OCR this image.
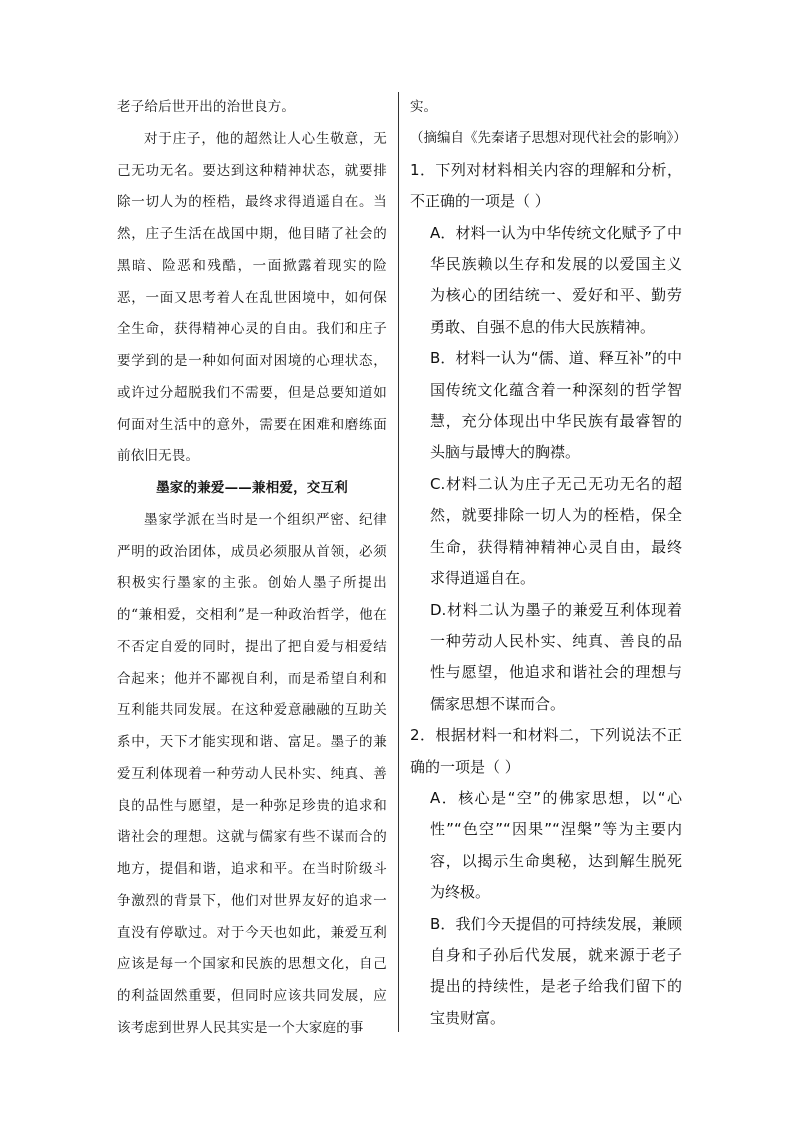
老子给后世开出的治世良方。

对于庄子，他的超然让人心生敬意，无己无功无名。要达到这种精神状态，就要排除一切人为的桎梏，最终求得逍遥自在。当然，庄子生活在战国中期，他目睹了社会的黑暗、险恶和残酷，一面掀露着现实的险恶，一面又思考着人在乱世困境中，如何保全生命，获得精神心灵的自由。我们和庄子要学到的是一种如何面对困境的心理状态，或许过分超脱我们不需要，但是总要知道如何面对生活中的意外，需要在困难和磨练面前依旧无畏。

墨家的兼爱——兼相爱，交互利

墨家学派在当时是一个组织严密、纪律严明的政治团体，成员必须服从首领，必须积极实行墨家的主张。创始人墨子所提出的“兼相爱，交相利”是一种政治哲学，他在不否定自爱的同时，提出了把自爱与相爱结合起来；他并不鄙视自利，而是希望自利和互利能共同发展。在这种爱意融融的互助关系中，天下才能实现和谐、富足。墨子的兼爱互利体现着一种劳动人民朴实、纯真、善良的品性与愿望，是一种弥足珍贵的追求和谐社会的理想。这就与儒家有些不谋而合的地方，提倡和谐，追求和平。在当时阶级斗争激烈的背景下，他们对世界友好的追求一直没有停歇过。对于今天也如此，兼爱互利应该是每一个国家和民族的思想文化，自己的利益固然重要，但同时应该共同发展，应该考虑到世界人民其实是一个大家庭的事

实。

（摘编自《先秦诸子思想对现代社会的影响》）

1．下列对材料相关内容的理解和分析，不正确的一项是（ ）

A．材料一认为中华传统文化赋予了中华民族赖以生存和发展的以爱国主义为核心的团结统一、爱好和平、勤劳勇敢、自强不息的伟大民族精神。

B．材料一认为“儒、道、释互补”的中国传统文化蕴含着一种深刻的哲学智慧，充分体现出中华民族有最睿智的头脑与最博大的胸襟。

C.材料二认为庄子无己无功无名的超然，就要排除一切人为的桎梏，保全生命，获得精神精神心灵自由，最终求得逍遥自在。

D.材料二认为墨子的兼爱互利体现着一种劳动人民朴实、纯真、善良的品性与愿望，他追求和谐社会的理想与儒家思想不谋而合。

2．根据材料一和材料二，下列说法不正确的一项是（ ）

A．核心是“空”的佛家思想，以“心性”“色空”“因果”“涅槃”等为主要内容，以揭示生命奥秘，达到解生脱死为终极。

B．我们今天提倡的可持续发展，兼顾自身和子孙后代发展，就来源于老子提出的持续性，是老子给我们留下的宝贵财富。
